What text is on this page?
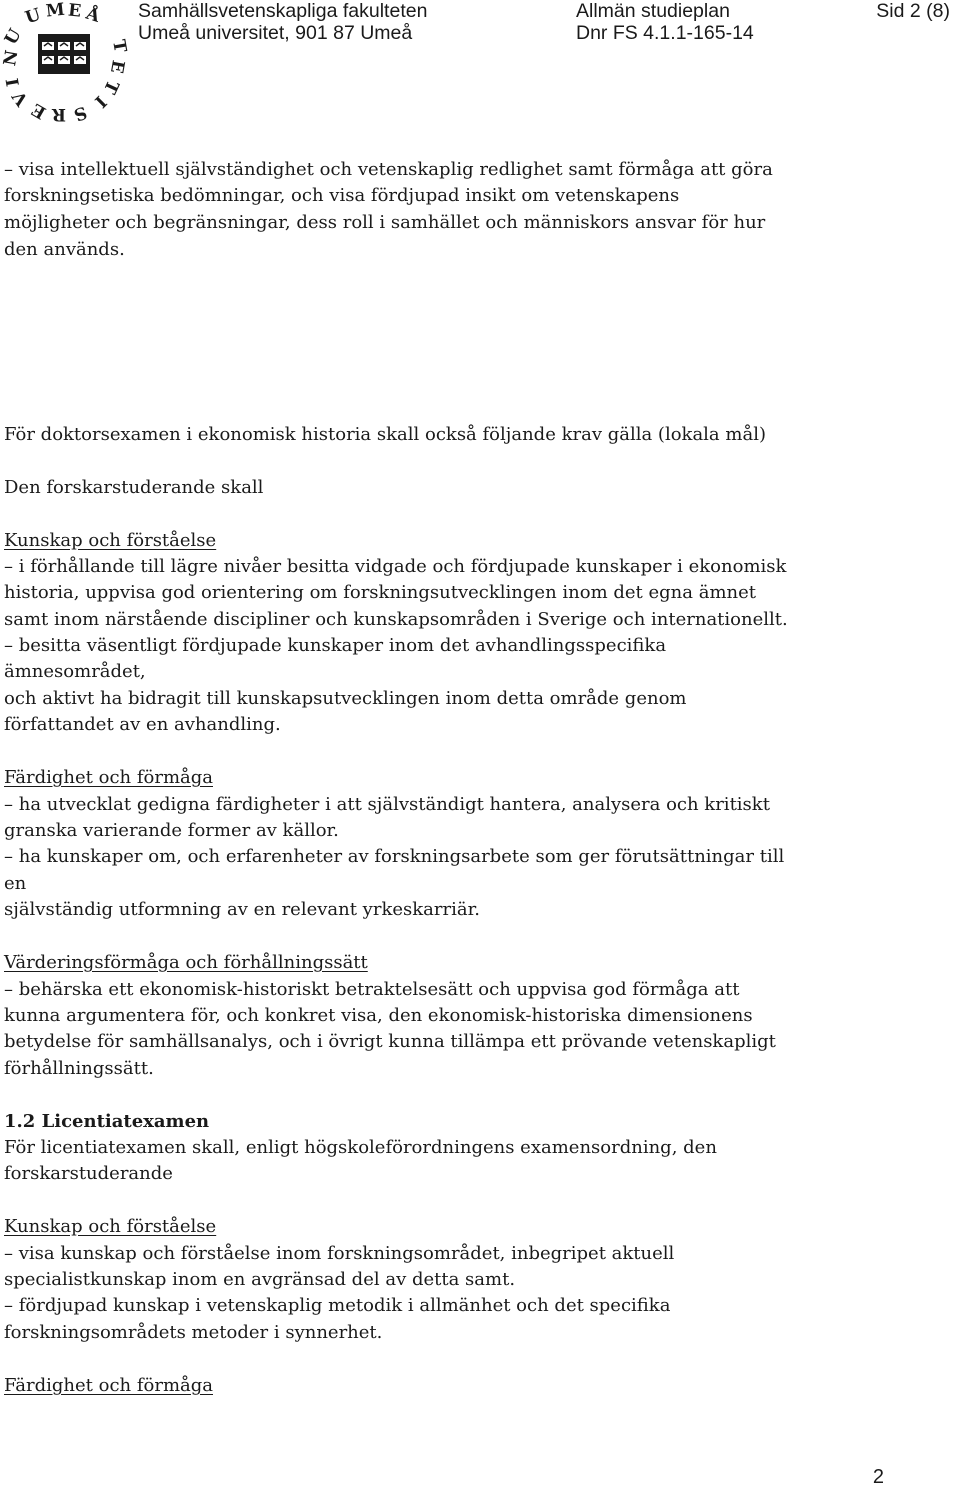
U M E Å
U
N
I
V
E R S
I
T
E
T
Samhällsvetenskapliga fakulteten
Umeå universitet, 901 87 Umeå
Allmän studieplan
Dnr FS 4.1.1-165-14
Sid 2 (8)
– visa intellektuell självständighet och vetenskaplig redlighet samt förmåga att göra
forskningsetiska bedömningar, och visa fördjupad insikt om vetenskapens
möjligheter och begränsningar, dess roll i samhället och människors ansvar för hur
den används.
För doktorsexamen i ekonomisk historia skall också följande krav gälla (lokala mål)
Den forskarstuderande skall
Kunskap och förståelse
– i förhållande till lägre nivåer besitta vidgade och fördjupade kunskaper i ekonomisk
historia, uppvisa god orientering om forskningsutvecklingen inom det egna ämnet
samt inom närstående discipliner och kunskapsområden i Sverige och internationellt.
– besitta väsentligt fördjupade kunskaper inom det avhandlingsspecifika
ämnesområdet,
och aktivt ha bidragit till kunskapsutvecklingen inom detta område genom
författandet av en avhandling.
Färdighet och förmåga
– ha utvecklat gedigna färdigheter i att självständigt hantera, analysera och kritiskt
granska varierande former av källor.
– ha kunskaper om, och erfarenheter av forskningsarbete som ger förutsättningar till
en
självständig utformning av en relevant yrkeskarriär.
Värderingsförmåga och förhållningssätt
– behärska ett ekonomisk-historiskt betraktelsesätt och uppvisa god förmåga att
kunna argumentera för, och konkret visa, den ekonomisk-historiska dimensionens
betydelse för samhällsanalys, och i övrigt kunna tillämpa ett prövande vetenskapligt
förhållningssätt.
1.2 Licentiatexamen
För licentiatexamen skall, enligt högskoleförordningens examensordning, den
forskarstuderande
Kunskap och förståelse
– visa kunskap och förståelse inom forskningsområdet, inbegripet aktuell
specialistkunskap inom en avgränsad del av detta samt.
– fördjupad kunskap i vetenskaplig metodik i allmänhet och det specifika
forskningsområdets metoder i synnerhet.
Färdighet och förmåga
2
